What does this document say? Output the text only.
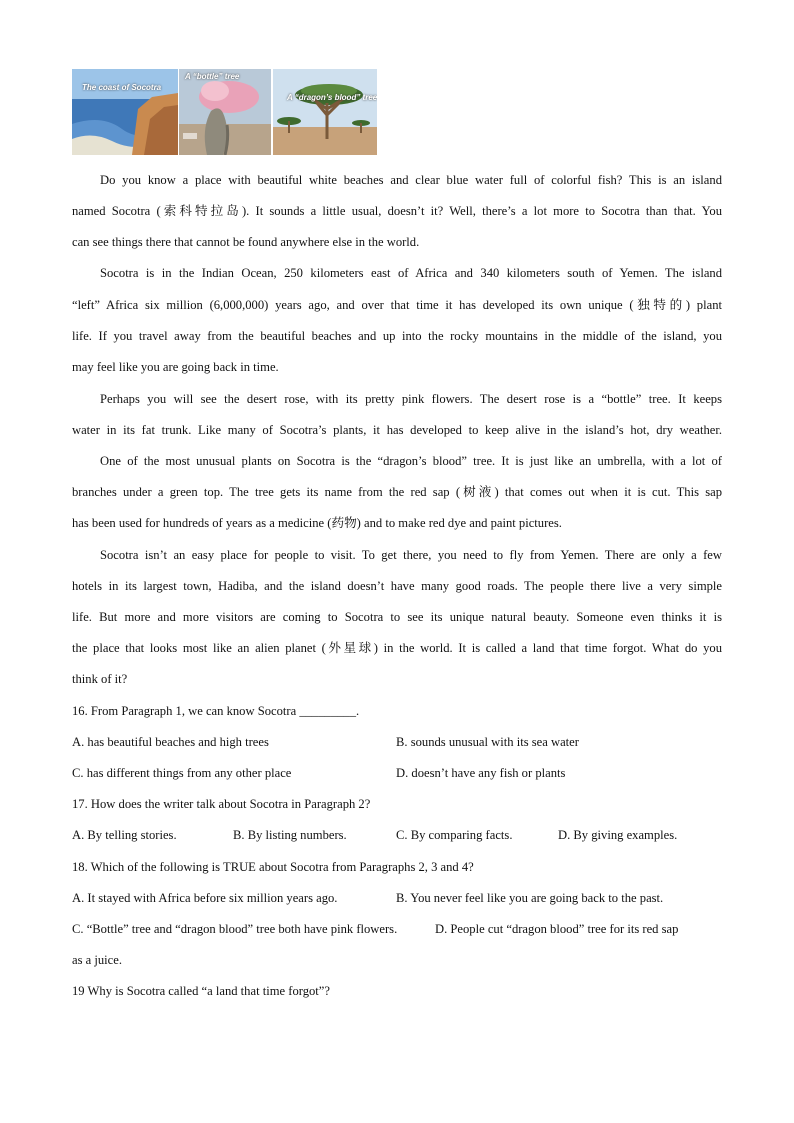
The coast of Socotra
A “bottle” tree
A “dragon’s blood” tree
Do you know a place with beautiful white beaches and clear blue water full of colorful fish? This is an island
named Socotra (索科特拉岛). It sounds a little usual, doesn’t it? Well, there’s a lot more to Socotra than that. You
can see things there that cannot be found anywhere else in the world.
Socotra is in the Indian Ocean, 250 kilometers east of Africa and 340 kilometers south of Yemen. The island
“left” Africa six million (6,000,000) years ago, and over that time it has developed its own unique (独特的) plant
life. If you travel away from the beautiful beaches and up into the rocky mountains in the middle of the island, you
may feel like you are going back in time.
Perhaps you will see the desert rose, with its pretty pink flowers. The desert rose is a “bottle” tree. It keeps
water in its fat trunk. Like many of Socotra’s plants, it has developed to keep alive in the island’s hot, dry weather.
One of the most unusual plants on Socotra is the “dragon’s blood” tree. It is just like an umbrella, with a lot of
branches under a green top. The tree gets its name from the red sap (树液) that comes out when it is cut. This sap
has been used for hundreds of years as a medicine (药物) and to make red dye and paint pictures.
Socotra isn’t an easy place for people to visit. To get there, you need to fly from Yemen. There are only a few
hotels in its largest town, Hadiba, and the island doesn’t have many good roads. The people there live a very simple
life. But more and more visitors are coming to Socotra to see its unique natural beauty. Someone even thinks it is
the place that looks most like an alien planet (外星球) in the world. It is called a land that time forgot. What do you
think of it?
16. From Paragraph 1, we can know Socotra _________.
A. has beautiful beaches and high trees	B. sounds unusual with its sea water
C. has different things from any other place	D. doesn’t have any fish or plants
17. How does the writer talk about Socotra in Paragraph 2?
A. By telling stories.	B. By listing numbers.	C. By comparing facts.	D. By giving examples.
18. Which of the following is TRUE about Socotra from Paragraphs 2, 3 and 4?
A. It stayed with Africa before six million years ago.	B. You never feel like you are going back to the past.
C. “Bottle” tree and “dragon blood” tree both have pink flowers.	D. People cut “dragon blood” tree for its red sap
as a juice.
19 Why is Socotra called “a land that time forgot”?
